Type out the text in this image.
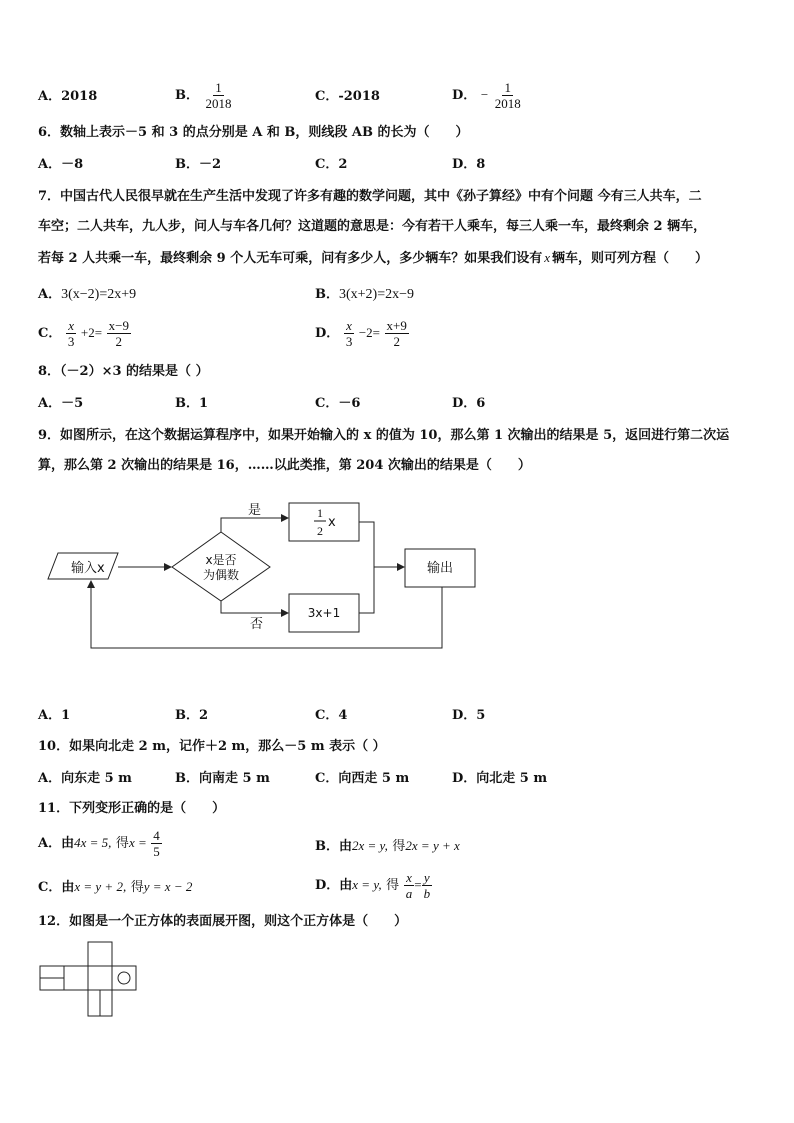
A．2018	B． $\frac{1}{2018}$	C．-2018	D． − $\frac{1}{2018}$
6．数轴上表示－5 和 3 的点分别是 A 和 B，则线段 AB 的长为（　　）
A．－8	B．－2	C．2	D．8
7．中国古代人民很早就在生产生活中发现了许多有趣的数学问题，其中《孙子算经》中有个问题 今有三人共车，二
车空；二人共车，九人步，问人与车各几何？这道题的意思是：今有若干人乘车，每三人乘一车，最终剩余 2 辆车，
若每 2 人共乘一车，最终剩余 9 个人无车可乘，问有多少人，多少辆车？如果我们设有 x 辆车，则可列方程（　　）
A．3(x−2)=2x+9	B．3(x+2)=2x−9
C． $\frac{x}{3} +2= \frac{x-9}{2}$	D． $\frac{x}{3} -2= \frac{x+9}{2}$
8．（－2）×3 的结果是（ ）
A．－5	B．1	C．－6	D．6
9．如图所示，在这个数据运算程序中，如果开始输入的 x 的值为 10，那么第 1 次输出的结果是 5，返回进行第二次运
算，那么第 2 次输出的结果是 16，……以此类推，第 204 次输出的结果是（　　）
输入x
x是否
为偶数
是
否
1
2
x
3x+1
输出
A．1	B．2	C．4	D．5
10．如果向北走 2 m，记作＋2 m，那么－5 m 表示（ ）
A．向东走 5 m	B．向南走 5 m	C．向西走 5 m	D．向北走 5 m
11．下列变形正确的是（　　）
A．由4x = 5, 得$x = \frac{4}{5}$	B．由2x = y, 得2x = y + x
C．由x = y + 2, 得y = x − 2	D．由x = y, 得 $\frac{x}{a} = \frac{y}{b}$
12．如图是一个正方体的表面展开图，则这个正方体是（　　）
